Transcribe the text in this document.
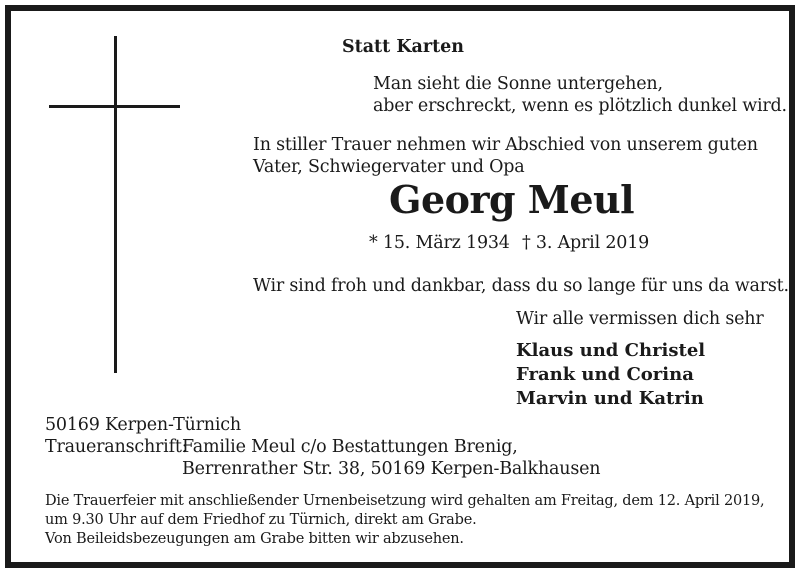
Statt Karten
Man sieht die Sonne untergehen,
aber erschreckt, wenn es plötzlich dunkel wird.
In stiller Trauer nehmen wir Abschied von unserem guten
Vater, Schwiegervater und Opa
Georg Meul
* 15. März 1934 † 3. April 2019
Wir sind froh und dankbar, dass du so lange für uns da warst.
Wir alle vermissen dich sehr
Klaus und Christel
Frank und Corina
Marvin und Katrin
50169 Kerpen-Türnich
Traueranschrift:
Familie Meul c/o Bestattungen Brenig,
Berrenrather Str. 38, 50169 Kerpen-Balkhausen
Die Trauerfeier mit anschließender Urnenbeisetzung wird gehalten am Freitag, dem 12. April 2019,
um 9.30 Uhr auf dem Friedhof zu Türnich, direkt am Grabe.
Von Beileidsbezeugungen am Grabe bitten wir abzusehen.
